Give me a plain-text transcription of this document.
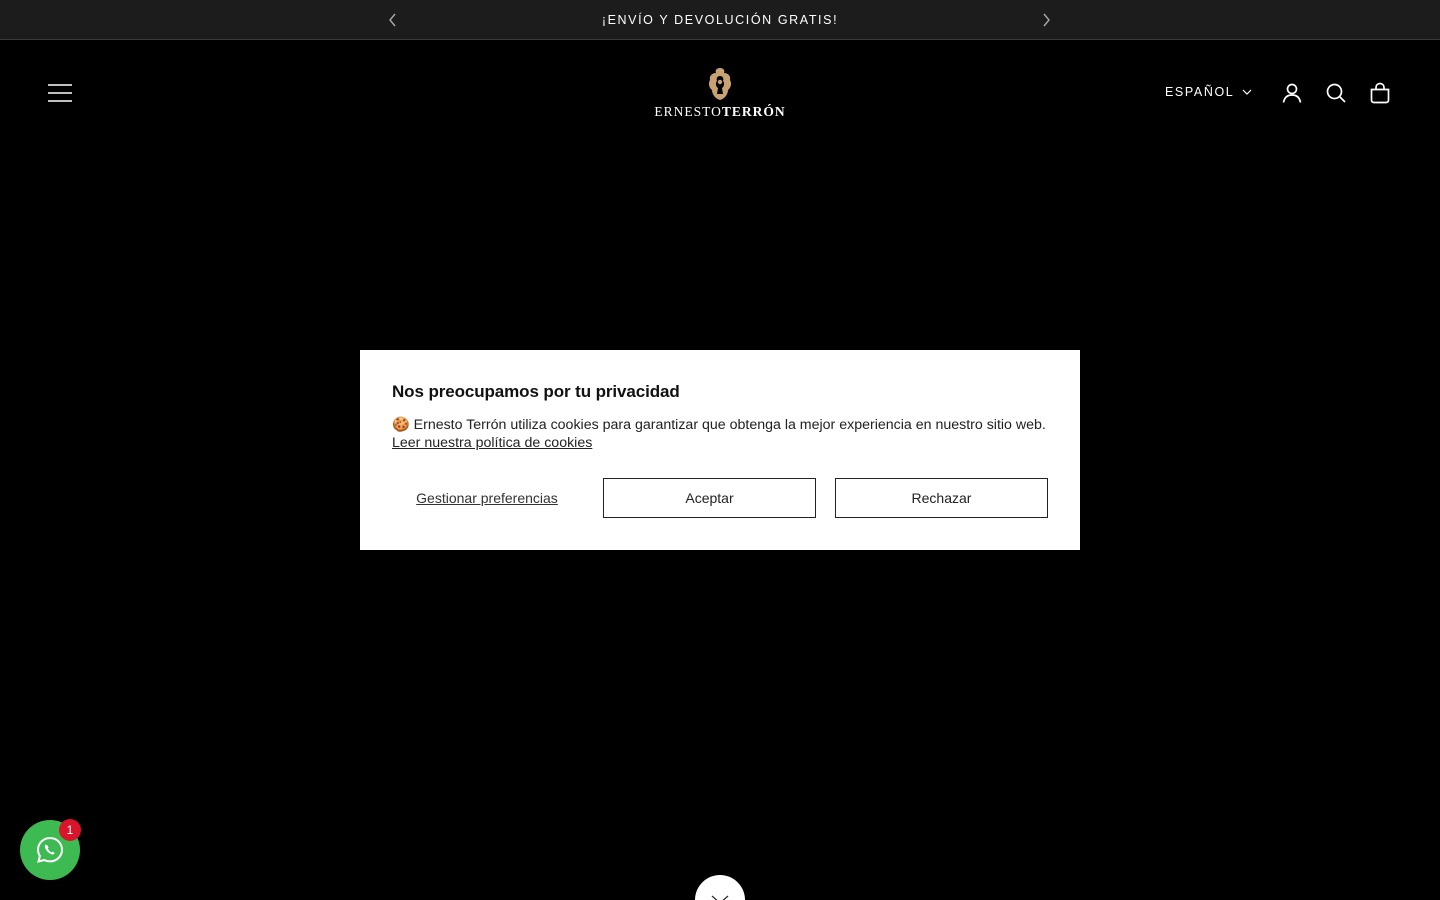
¡ENVÍO Y DEVOLUCIÓN GRATIS!
ERNESTOTERRÓN
ESPAÑOL
Nos preocupamos por tu privacidad
🍪 Ernesto Terrón utiliza cookies para garantizar que obtenga la mejor experiencia en nuestro sitio web.
Leer nuestra política de cookies
Gestionar preferencias	Aceptar	Rechazar
1
